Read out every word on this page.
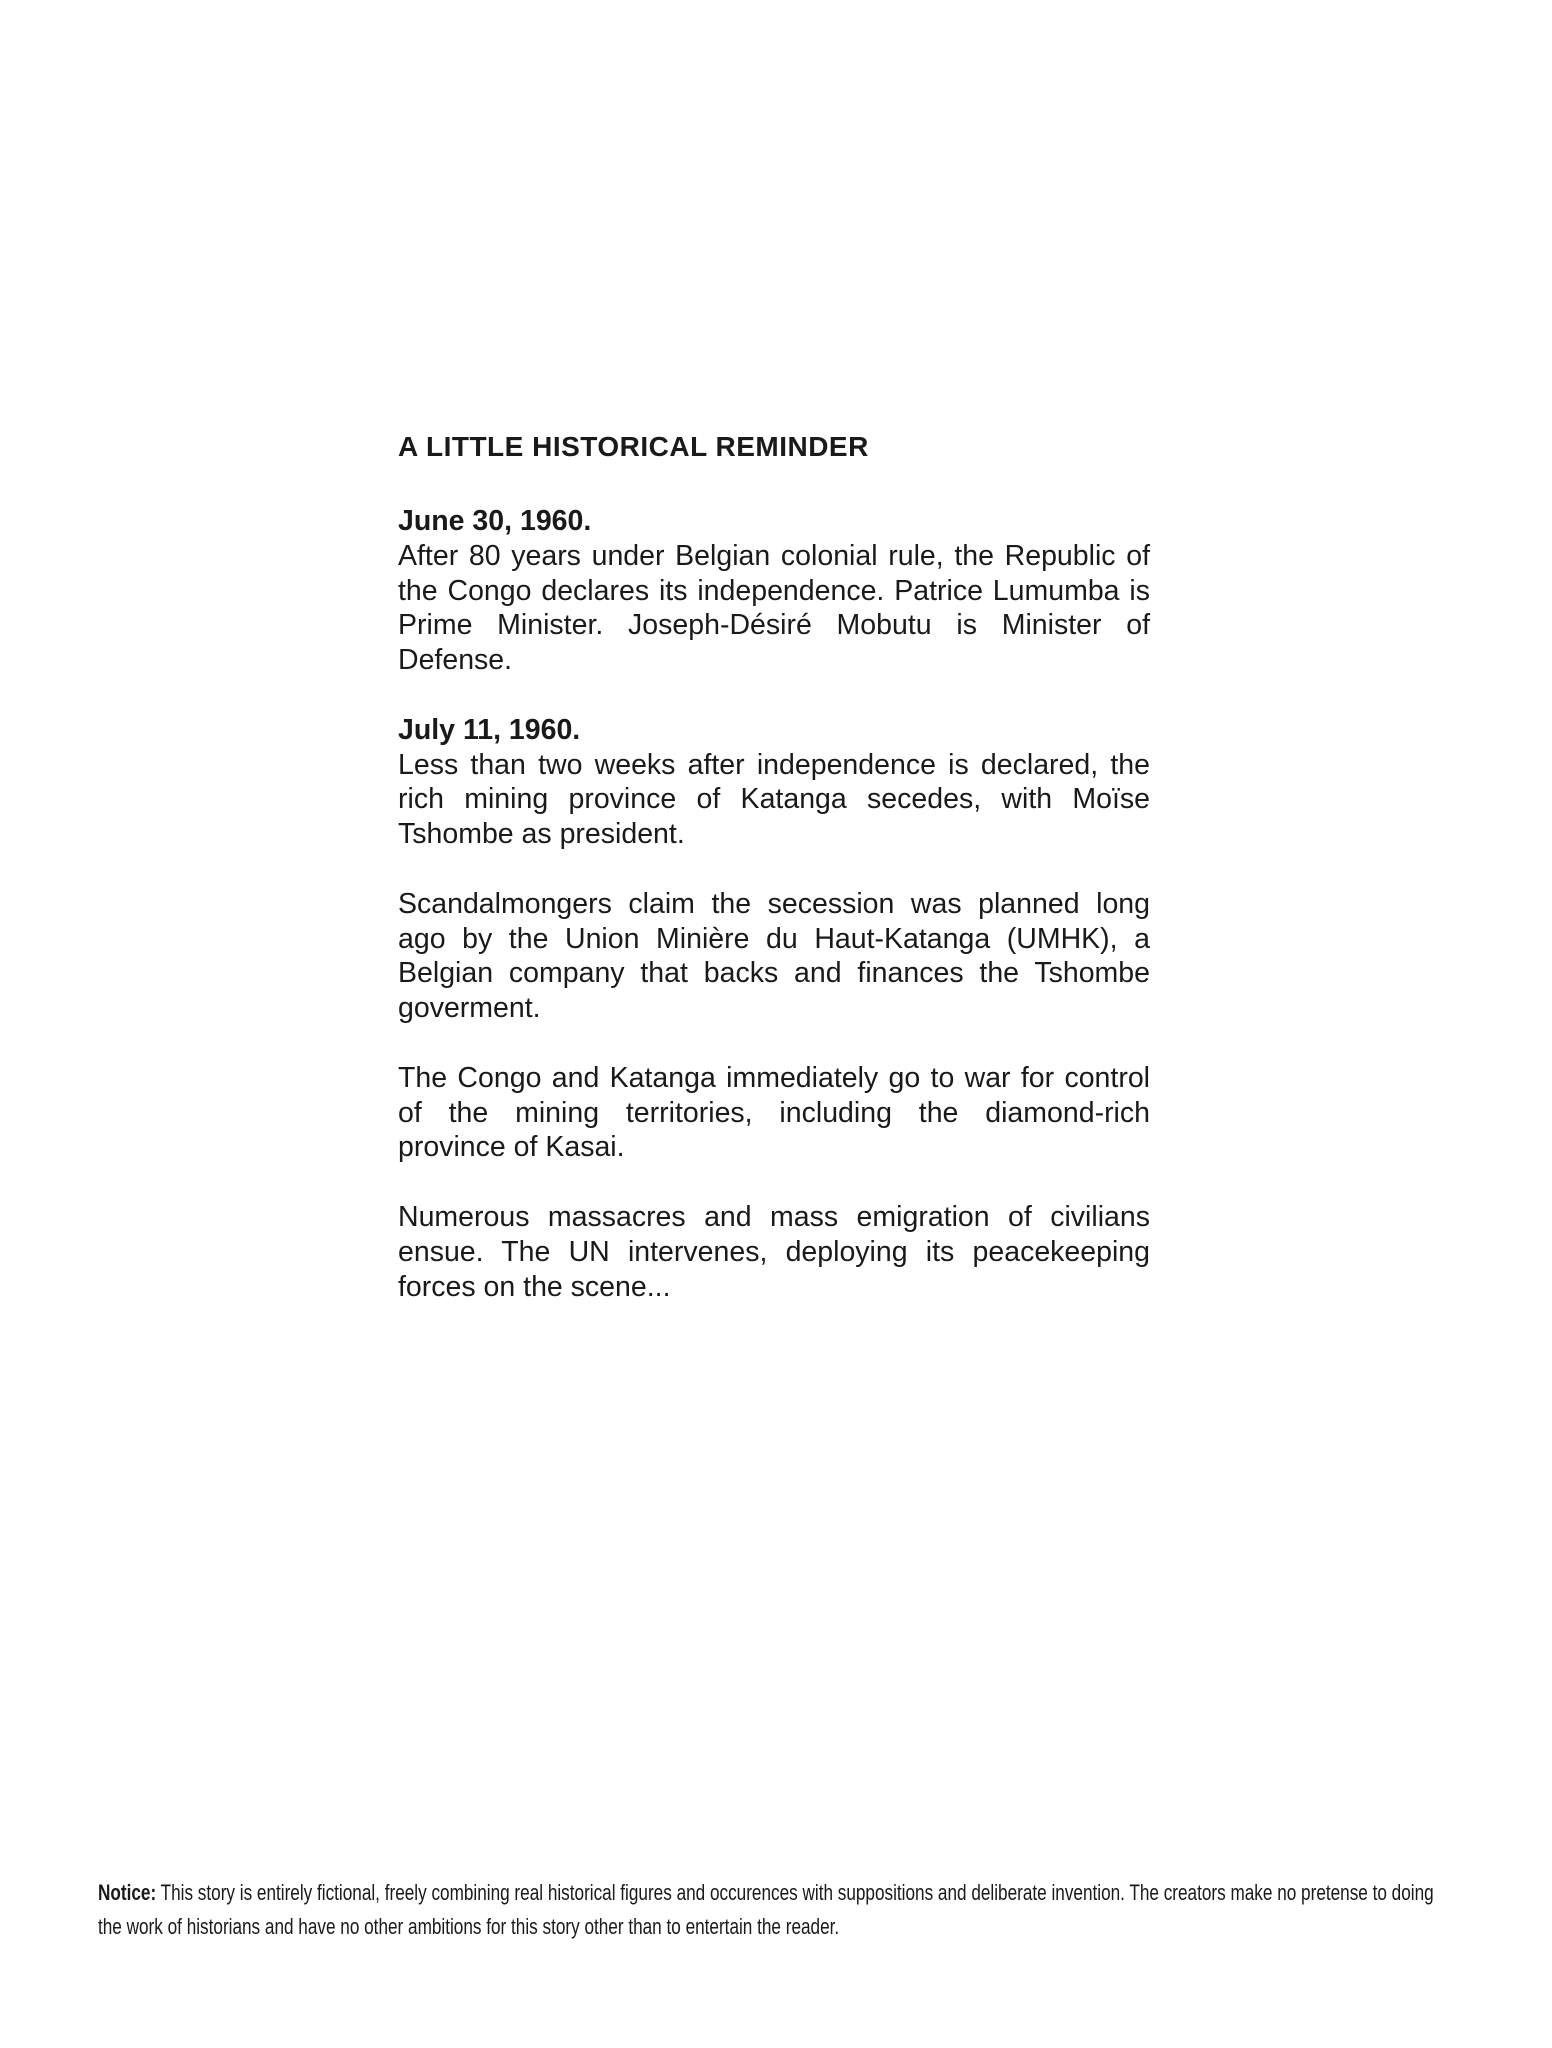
A LITTLE HISTORICAL REMINDER
June 30, 1960.

After 80 years under Belgian colonial rule, the Republic of the Congo declares its independence. Patrice Lumumba is Prime Minister. Joseph-Désiré Mobutu is Minister of Defense.

July 11, 1960.

Less than two weeks after independence is declared, the rich mining province of Katanga secedes, with Moïse Tshombe as president.

Scandalmongers claim the secession was planned long ago by the Union Minière du Haut-Katanga (UMHK), a Belgian company that backs and finances the Tshombe goverment.

The Congo and Katanga immediately go to war for control of the mining territories, including the diamond-rich province of Kasai.

Numerous massacres and mass emigration of civilians ensue. The UN intervenes, deploying its peacekeeping forces on the scene...

Notice: This story is entirely fictional, freely combining real historical figures and occurences with suppositions and deliberate invention. The creators make no pretense to doing the work of historians and have no other ambitions for this story other than to entertain the reader.
